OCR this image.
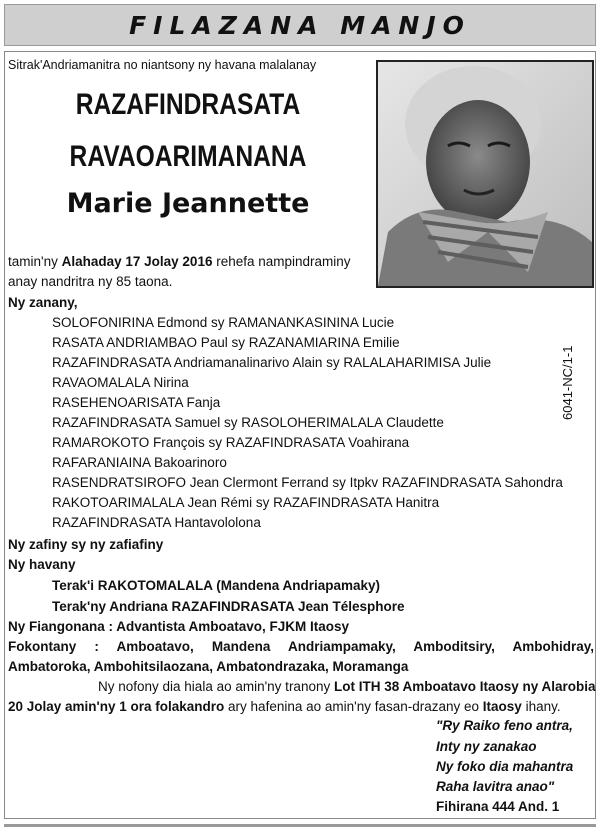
FILAZANA MANJO
Sitrak'Andriamanitra no niantsony ny havana malalanay
RAZAFINDRASATA
RAVAOARIMANANA
Marie Jeannette
tamin'ny Alahaday 17 Jolay 2016 rehefa nampindraminy
anay nandritra ny 85 taona.
Ny zanany,
SOLOFONIRINA Edmond sy RAMANANKASININA Lucie
RASATA ANDRIAMBAO Paul sy RAZANAMIARINA Emilie
RAZAFINDRASATA Andriamanalinarivo Alain sy RALALAHARIMISA Julie
RAVAOMALALA Nirina
RASEHENOARISATA Fanja
RAZAFINDRASATA Samuel sy RASOLOHERIMALALA Claudette
RAMAROKOTO François sy RAZAFINDRASATA Voahirana
RAFARANIAINA Bakoarinoro
RASENDRATSIROFO Jean Clermont Ferrand sy Itpkv RAZAFINDRASATA Sahondra
RAKOTOARIMALALA Jean Rémi sy RAZAFINDRASATA Hanitra
RAZAFINDRASATA Hantavololona
6041-NC/1-1
Ny zafiny sy ny zafiafiny
Ny havany
Terak'i RAKOTOMALALA (Mandena Andriapamaky)
Terak'ny Andriana RAZAFINDRASATA Jean Télesphore
Ny Fiangonana : Advantista Amboatavo, FJKM Itaosy
Fokontany : Amboatavo, Mandena Andriampamaky, Amboditsiry, Ambohidray,
Ambatoroka, Ambohitsilaozana, Ambatondrazaka, Moramanga
Ny nofony dia hiala ao amin'ny tranony Lot ITH 38 Amboatavo Itaosy ny Alarobia
20 Jolay amin'ny 1 ora folakandro ary hafenina ao amin'ny fasan-drazany eo Itaosy ihany.
"Ry Raiko feno antra,
Inty ny zanakao
Ny foko dia mahantra
Raha lavitra anao"
Fihirana 444 And. 1
